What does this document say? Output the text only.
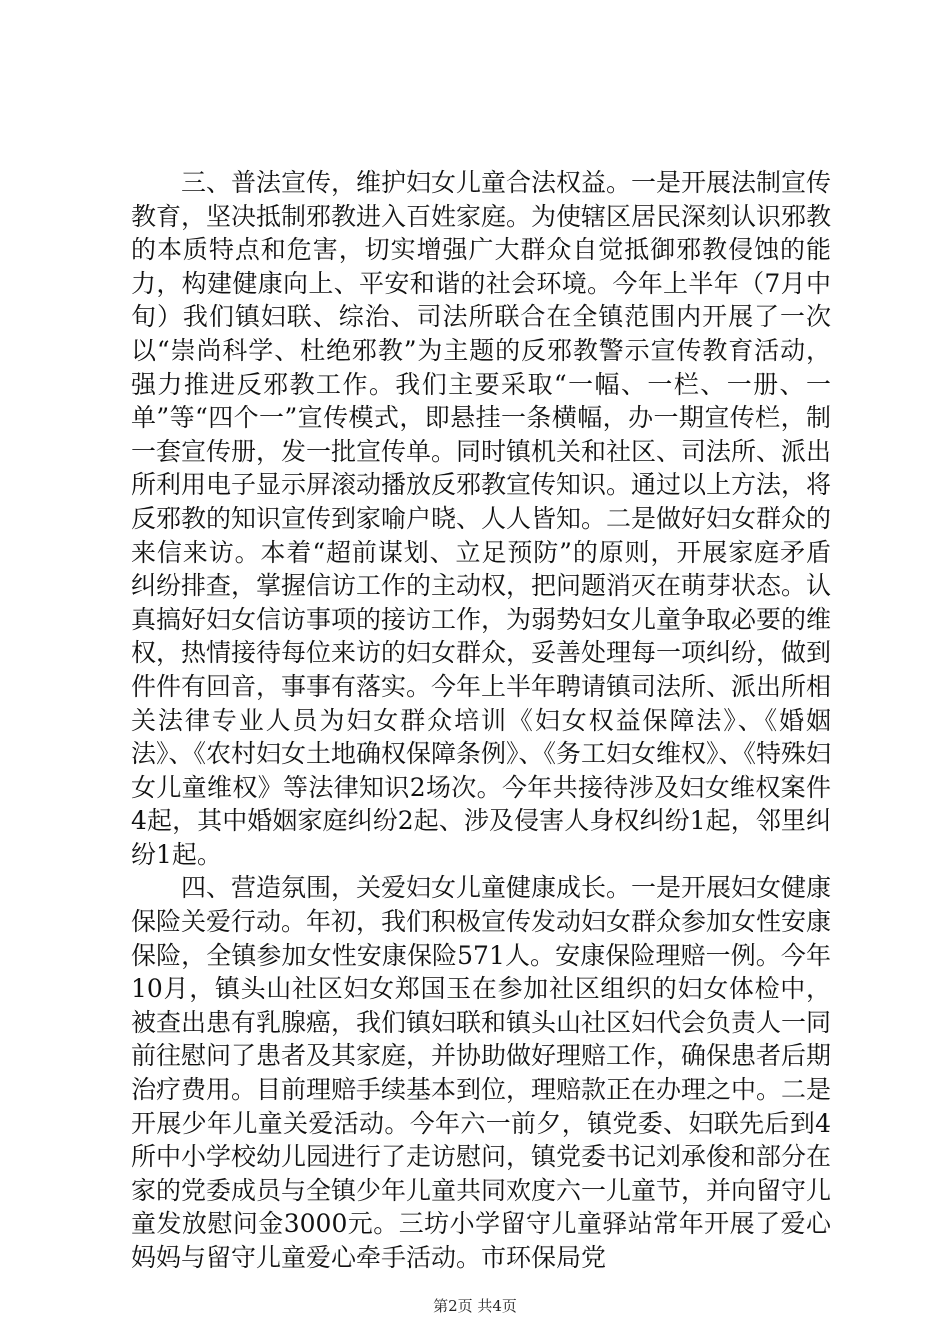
三、普法宣传，维护妇女儿童合法权益。一是开展法制宣传教育，坚决抵制邪教进入百姓家庭。为使辖区居民深刻认识邪教的本质特点和危害，切实增强广大群众自觉抵御邪教侵蚀的能力，构建健康向上、平安和谐的社会环境。今年上半年（7月中旬）我们镇妇联、综治、司法所联合在全镇范围内开展了一次以“崇尚科学、杜绝邪教”为主题的反邪教警示宣传教育活动，强力推进反邪教工作。我们主要采取“一幅、一栏、一册、一单”等“四个一”宣传模式，即悬挂一条横幅，办一期宣传栏，制一套宣传册，发一批宣传单。同时镇机关和社区、司法所、派出所利用电子显示屏滚动播放反邪教宣传知识。通过以上方法，将反邪教的知识宣传到家喻户晓、人人皆知。二是做好妇女群众的来信来访。本着“超前谋划、立足预防”的原则，开展家庭矛盾纠纷排查，掌握信访工作的主动权，把问题消灭在萌芽状态。认真搞好妇女信访事项的接访工作，为弱势妇女儿童争取必要的维权，热情接待每位来访的妇女群众，妥善处理每一项纠纷，做到件件有回音，事事有落实。今年上半年聘请镇司法所、派出所相关法律专业人员为妇女群众培训《妇女权益保障法》、《婚姻法》、《农村妇女土地确权保障条例》、《务工妇女维权》、《特殊妇女儿童维权》等法律知识2场次。今年共接待涉及妇女维权案件4起，其中婚姻家庭纠纷2起、涉及侵害人身权纠纷1起，邻里纠纷1起。

四、营造氛围，关爱妇女儿童健康成长。一是开展妇女健康保险关爱行动。年初，我们积极宣传发动妇女群众参加女性安康保险，全镇参加女性安康保险571人。安康保险理赔一例。今年10月，镇头山社区妇女郑国玉在参加社区组织的妇女体检中，被查出患有乳腺癌，我们镇妇联和镇头山社区妇代会负责人一同前往慰问了患者及其家庭，并协助做好理赔工作，确保患者后期治疗费用。目前理赔手续基本到位，理赔款正在办理之中。二是开展少年儿童关爱活动。今年六一前夕，镇党委、妇联先后到4所中小学校幼儿园进行了走访慰问，镇党委书记刘承俊和部分在家的党委成员与全镇少年儿童共同欢度六一儿童节，并向留守儿童发放慰问金3000元。三坊小学留守儿童驿站常年开展了爱心妈妈与留守儿童爱心牵手活动。市环保局党

第2页 共4页
